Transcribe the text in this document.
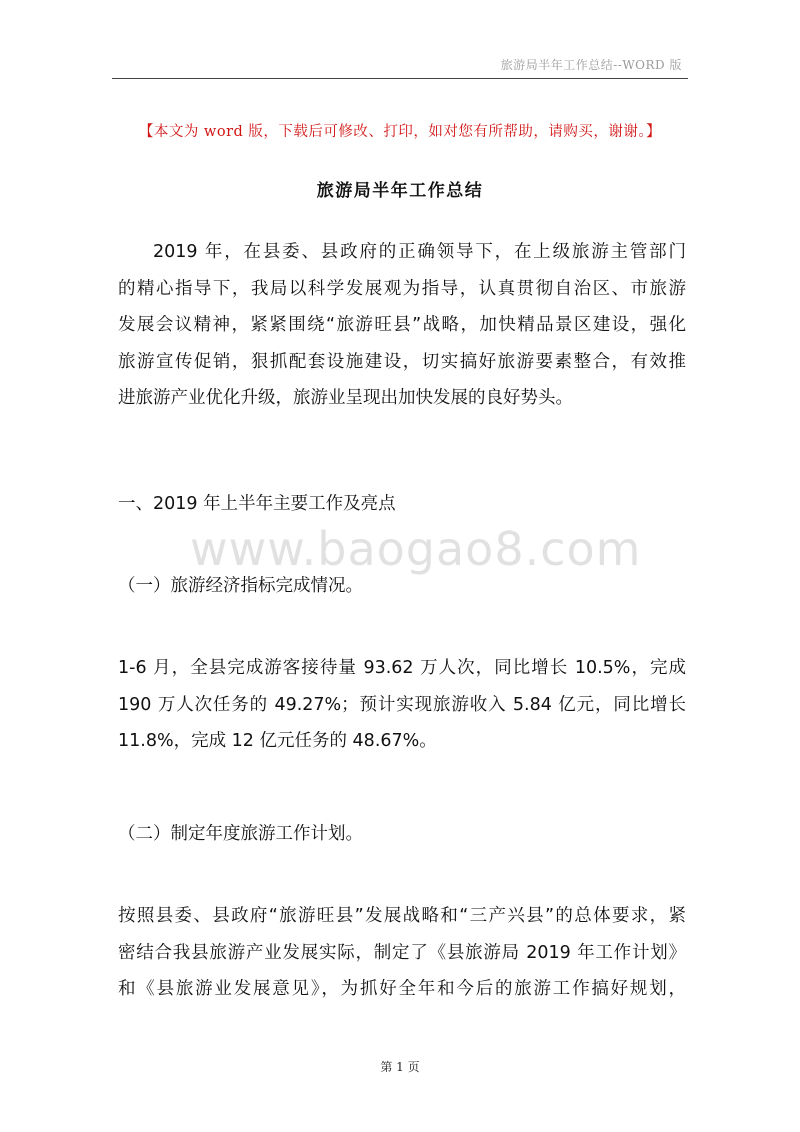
旅游局半年工作总结--WORD 版
【本文为 word 版，下载后可修改、打印，如对您有所帮助，请购买，谢谢。】
旅游局半年工作总结
2019 年，在县委、县政府的正确领导下，在上级旅游主管部门
的精心指导下，我局以科学发展观为指导，认真贯彻自治区、市旅游
发展会议精神，紧紧围绕“旅游旺县”战略，加快精品景区建设，强化
旅游宣传促销，狠抓配套设施建设，切实搞好旅游要素整合，有效推
进旅游产业优化升级，旅游业呈现出加快发展的良好势头。
一、2019 年上半年主要工作及亮点
www.baogao8.com
（一）旅游经济指标完成情况。
1-6 月，全县完成游客接待量 93.62 万人次，同比增长 10.5%，完成
190 万人次任务的 49.27%；预计实现旅游收入 5.84 亿元，同比增长
11.8%，完成 12 亿元任务的 48.67%。
（二）制定年度旅游工作计划。
按照县委、县政府“旅游旺县”发展战略和“三产兴县”的总体要求，紧
密结合我县旅游产业发展实际，制定了《县旅游局 2019 年工作计划》
和《县旅游业发展意见》，为抓好全年和今后的旅游工作搞好规划，
第 1 页
